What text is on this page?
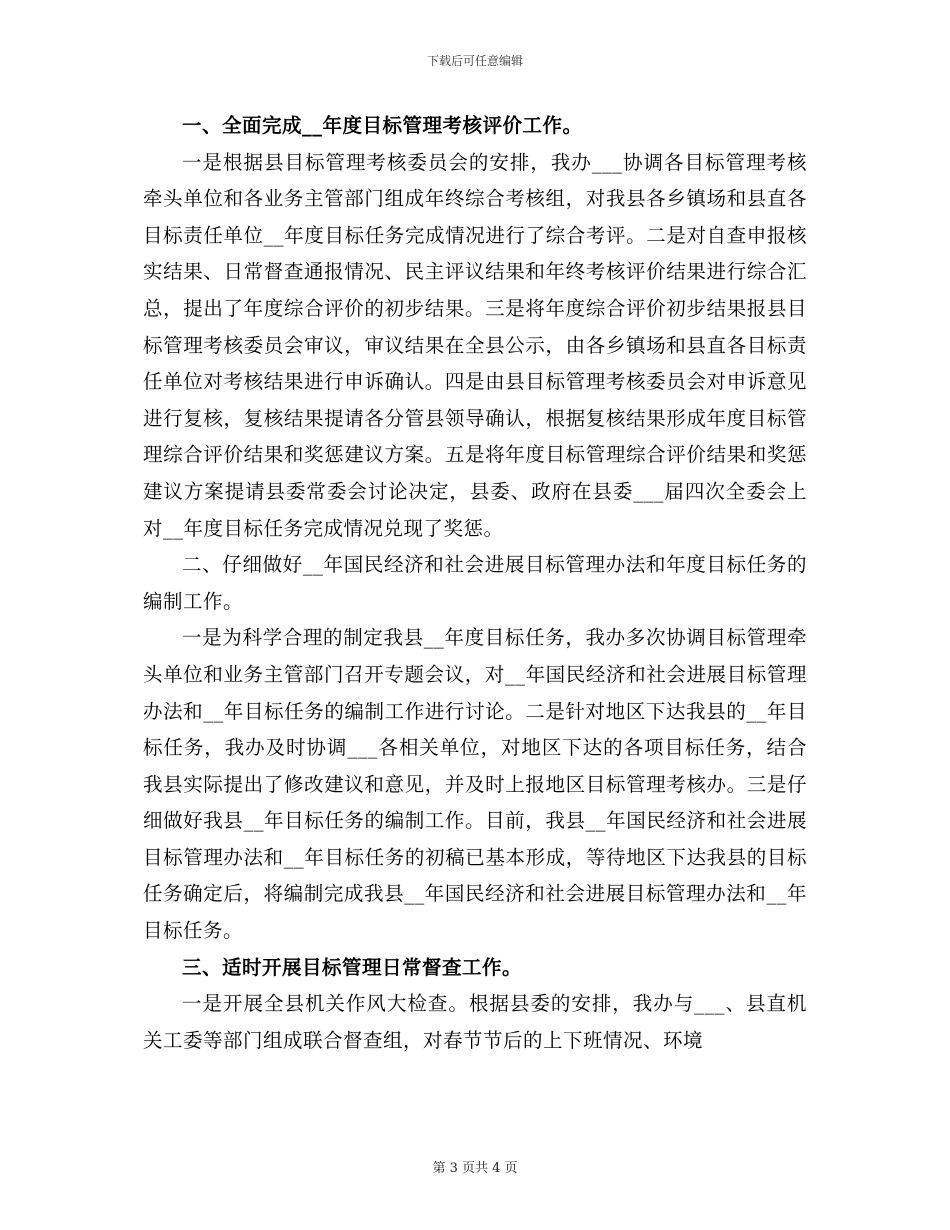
下载后可任意编辑

一、全面完成__年度目标管理考核评价工作。

一是根据县目标管理考核委员会的安排，我办___协调各目标管理考核牵头单位和各业务主管部门组成年终综合考核组，对我县各乡镇场和县直各目标责任单位__年度目标任务完成情况进行了综合考评。二是对自查申报核实结果、日常督查通报情况、民主评议结果和年终考核评价结果进行综合汇总，提出了年度综合评价的初步结果。三是将年度综合评价初步结果报县目标管理考核委员会审议，审议结果在全县公示，由各乡镇场和县直各目标责任单位对考核结果进行申诉确认。四是由县目标管理考核委员会对申诉意见进行复核，复核结果提请各分管县领导确认，根据复核结果形成年度目标管理综合评价结果和奖惩建议方案。五是将年度目标管理综合评价结果和奖惩建议方案提请县委常委会讨论决定，县委、政府在县委___届四次全委会上对__年度目标任务完成情况兑现了奖惩。

二、仔细做好__年国民经济和社会进展目标管理办法和年度目标任务的编制工作。

一是为科学合理的制定我县__年度目标任务，我办多次协调目标管理牵头单位和业务主管部门召开专题会议，对__年国民经济和社会进展目标管理办法和__年目标任务的编制工作进行讨论。二是针对地区下达我县的__年目标任务，我办及时协调___各相关单位，对地区下达的各项目标任务，结合我县实际提出了修改建议和意见，并及时上报地区目标管理考核办。三是仔细做好我县__年目标任务的编制工作。目前，我县__年国民经济和社会进展目标管理办法和__年目标任务的初稿已基本形成，等待地区下达我县的目标任务确定后，将编制完成我县__年国民经济和社会进展目标管理办法和__年目标任务。

三、适时开展目标管理日常督查工作。

一是开展全县机关作风大检查。根据县委的安排，我办与___、县直机关工委等部门组成联合督查组，对春节节后的上下班情况、环境

第 3 页共 4 页
